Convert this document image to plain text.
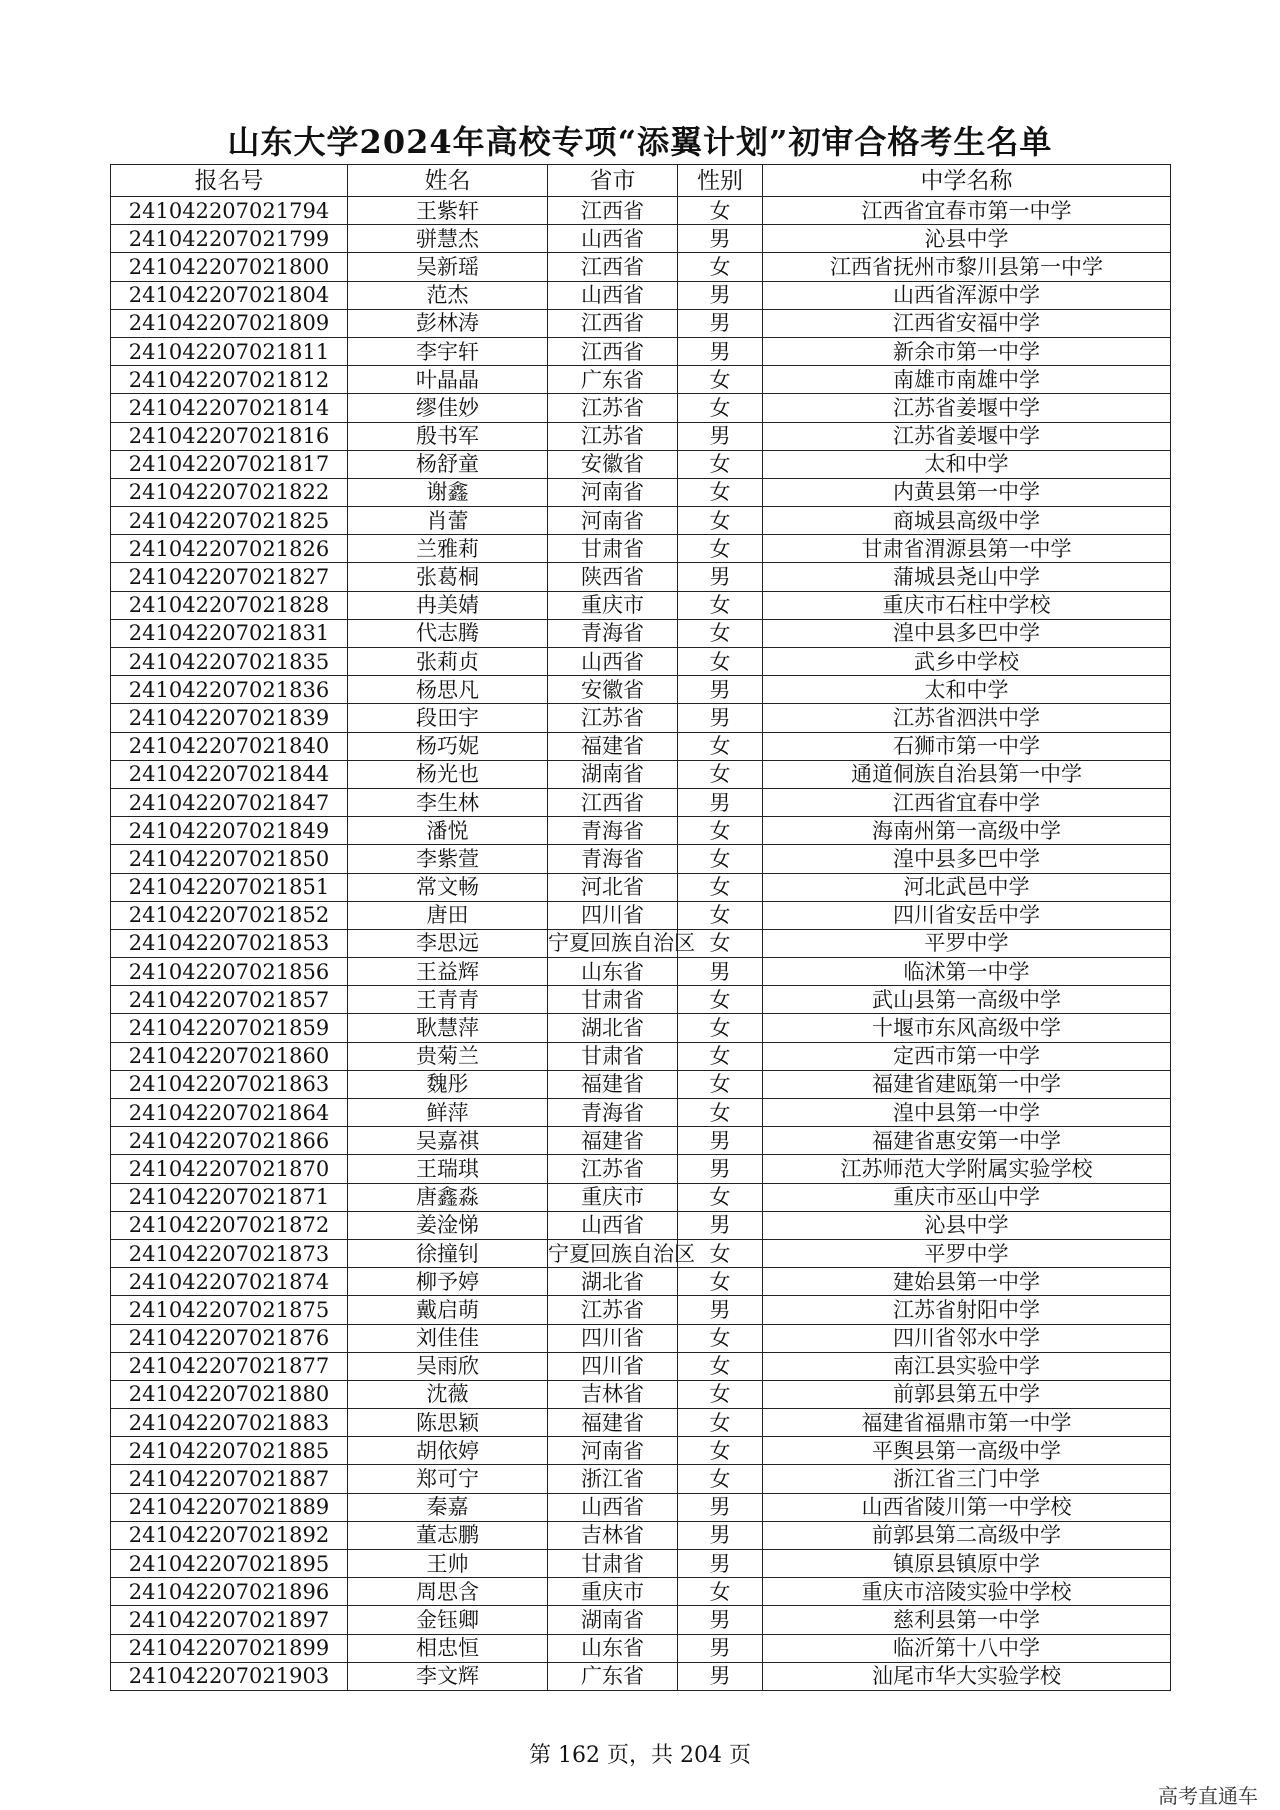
山东大学2024年高校专项“添翼计划”初审合格考生名单
报名号	姓名	省市	性别	中学名称
241042207021794	王紫轩	江西省	女	江西省宜春市第一中学
241042207021799	骈慧杰	山西省	男	沁县中学
241042207021800	吴新瑶	江西省	女	江西省抚州市黎川县第一中学
241042207021804	范杰	山西省	男	山西省浑源中学
241042207021809	彭林涛	江西省	男	江西省安福中学
241042207021811	李宇轩	江西省	男	新余市第一中学
241042207021812	叶晶晶	广东省	女	南雄市南雄中学
241042207021814	缪佳妙	江苏省	女	江苏省姜堰中学
241042207021816	殷书军	江苏省	男	江苏省姜堰中学
241042207021817	杨舒童	安徽省	女	太和中学
241042207021822	谢鑫	河南省	女	内黄县第一中学
241042207021825	肖蕾	河南省	女	商城县高级中学
241042207021826	兰雅莉	甘肃省	女	甘肃省渭源县第一中学
241042207021827	张葛桐	陕西省	男	蒲城县尧山中学
241042207021828	冉美婧	重庆市	女	重庆市石柱中学校
241042207021831	代志腾	青海省	女	湟中县多巴中学
241042207021835	张莉贞	山西省	女	武乡中学校
241042207021836	杨思凡	安徽省	男	太和中学
241042207021839	段田宇	江苏省	男	江苏省泗洪中学
241042207021840	杨巧妮	福建省	女	石狮市第一中学
241042207021844	杨光也	湖南省	女	通道侗族自治县第一中学
241042207021847	李生林	江西省	男	江西省宜春中学
241042207021849	潘悦	青海省	女	海南州第一高级中学
241042207021850	李紫萱	青海省	女	湟中县多巴中学
241042207021851	常文畅	河北省	女	河北武邑中学
241042207021852	唐田	四川省	女	四川省安岳中学
241042207021853	李思远	宁夏回族自治区	女	平罗中学
241042207021856	王益辉	山东省	男	临沭第一中学
241042207021857	王青青	甘肃省	女	武山县第一高级中学
241042207021859	耿慧萍	湖北省	女	十堰市东风高级中学
241042207021860	贵菊兰	甘肃省	女	定西市第一中学
241042207021863	魏彤	福建省	女	福建省建瓯第一中学
241042207021864	鲜萍	青海省	女	湟中县第一中学
241042207021866	吴嘉祺	福建省	男	福建省惠安第一中学
241042207021870	王瑞琪	江苏省	男	江苏师范大学附属实验学校
241042207021871	唐鑫淼	重庆市	女	重庆市巫山中学
241042207021872	姜淦悌	山西省	男	沁县中学
241042207021873	徐撞钊	宁夏回族自治区	女	平罗中学
241042207021874	柳予婷	湖北省	女	建始县第一中学
241042207021875	戴启萌	江苏省	男	江苏省射阳中学
241042207021876	刘佳佳	四川省	女	四川省邻水中学
241042207021877	吴雨欣	四川省	女	南江县实验中学
241042207021880	沈薇	吉林省	女	前郭县第五中学
241042207021883	陈思颖	福建省	女	福建省福鼎市第一中学
241042207021885	胡依婷	河南省	女	平舆县第一高级中学
241042207021887	郑可宁	浙江省	女	浙江省三门中学
241042207021889	秦嘉	山西省	男	山西省陵川第一中学校
241042207021892	董志鹏	吉林省	男	前郭县第二高级中学
241042207021895	王帅	甘肃省	男	镇原县镇原中学
241042207021896	周思含	重庆市	女	重庆市涪陵实验中学校
241042207021897	金钰卿	湖南省	男	慈利县第一中学
241042207021899	相忠恒	山东省	男	临沂第十八中学
241042207021903	李文辉	广东省	男	汕尾市华大实验学校
第 162 页，共 204 页
高考直通车
